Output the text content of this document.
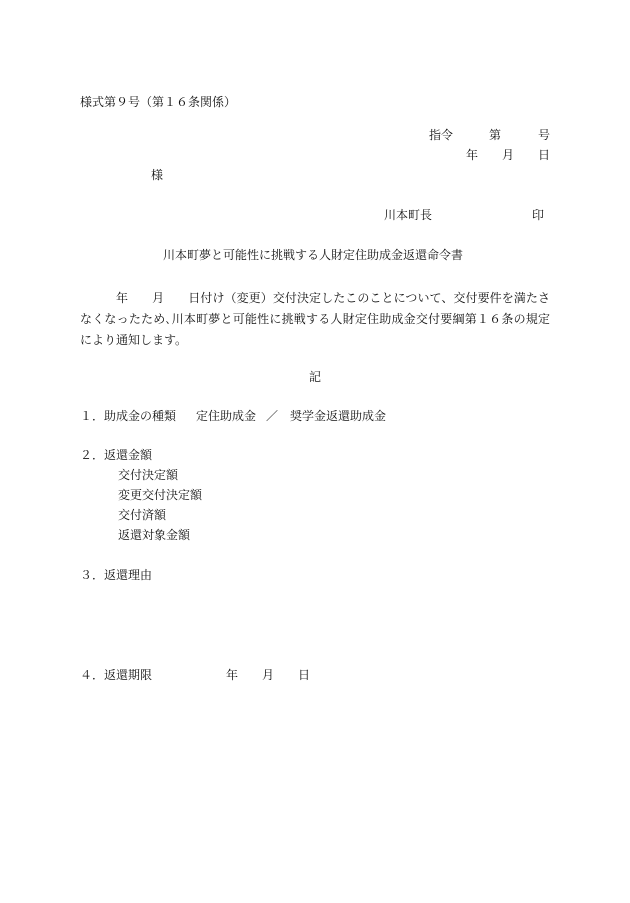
様式第９号（第１６条関係）
指令	第	号
年 月 日
様
川本町長	印
川本町夢と可能性に挑戦する人財定住助成金返還命令書
年 月 日付け（変更）交付決定したこのことについて、交付要件を満たさなくなったため､川本町夢と可能性に挑戦する人財定住助成金交付要綱第１６条の規定により通知します。
記
１．助成金の種類 定住助成金 ／ 奨学金返還助成金
２．返還金額
交付決定額
変更交付決定額
交付済額
返還対象金額
３．返還理由
４．返還期限	年 月 日
